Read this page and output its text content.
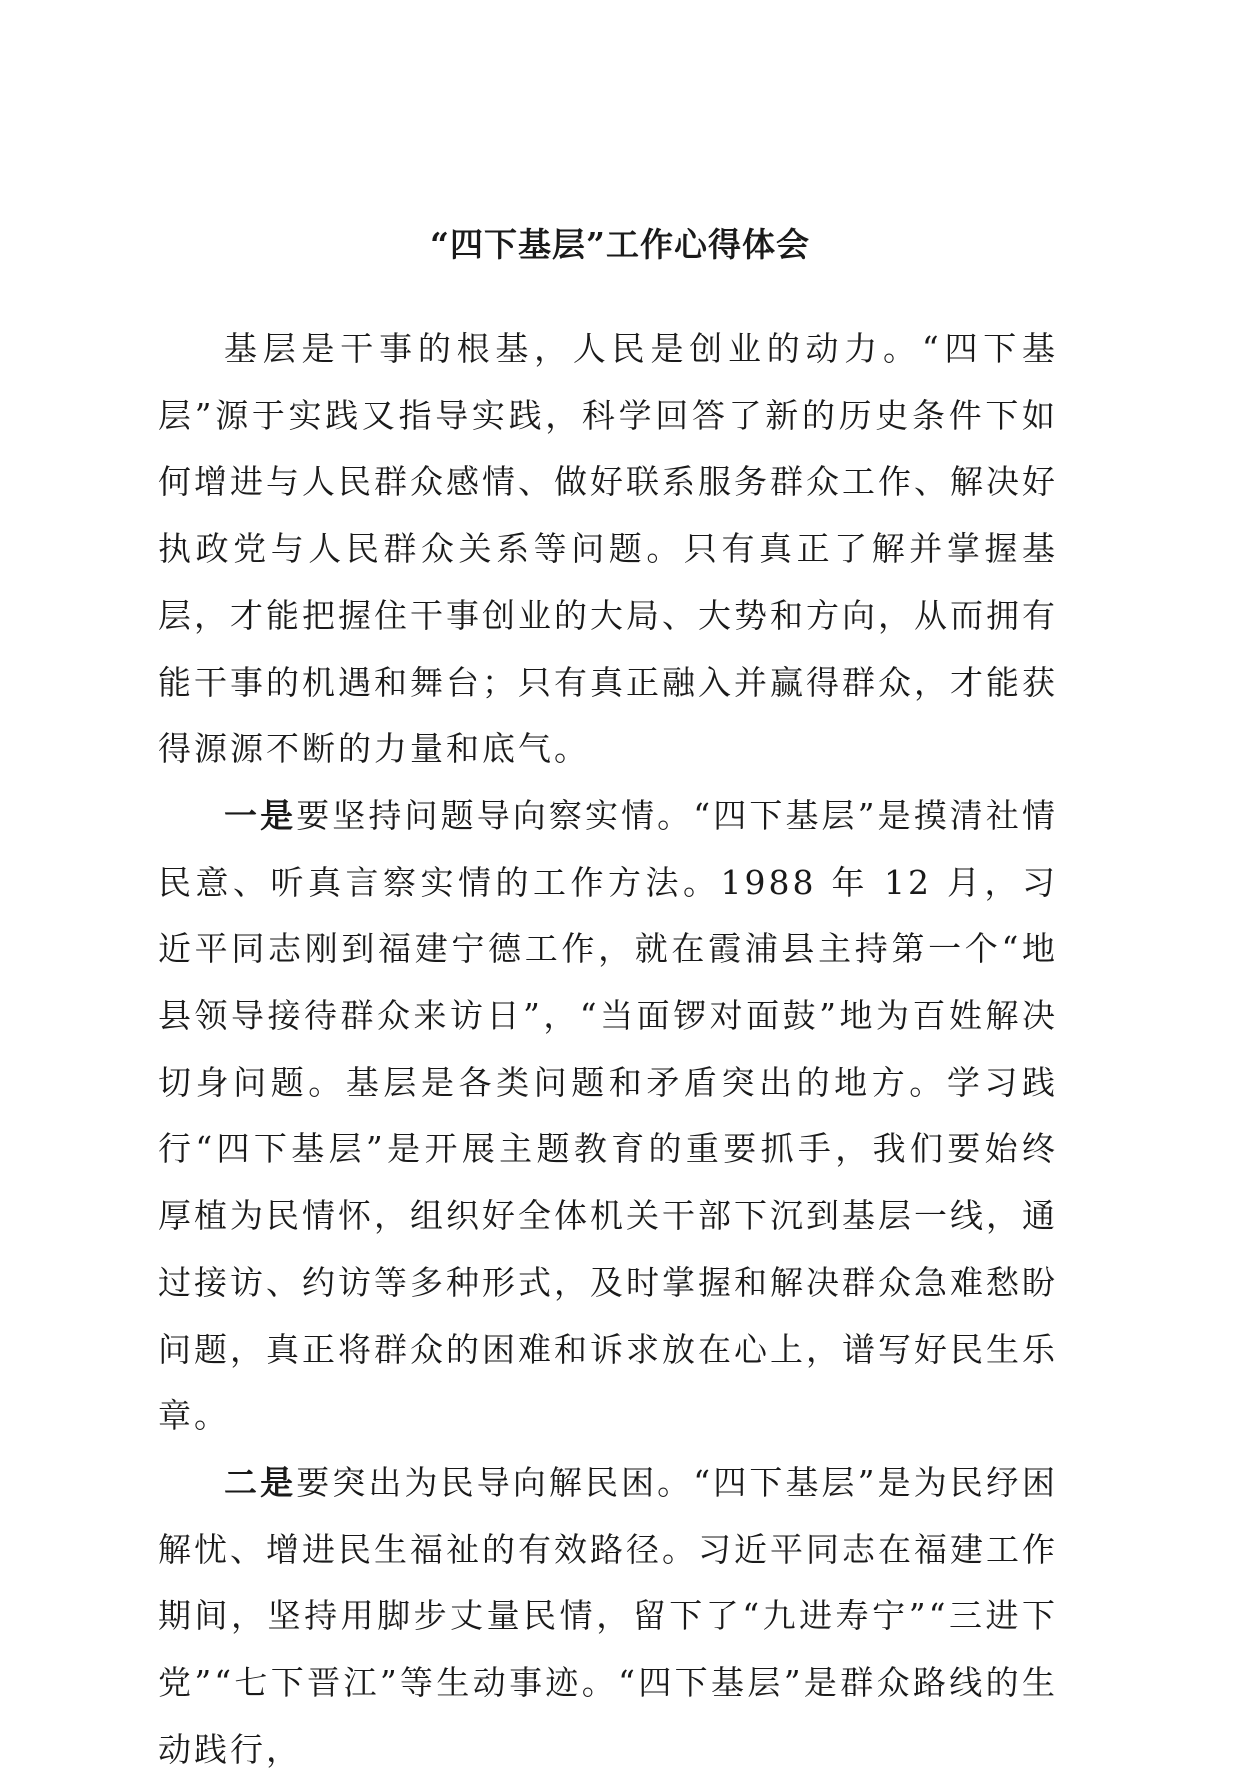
“四下基层”工作心得体会

基层是干事的根基，人民是创业的动力。“四下基层”源于实践又指导实践，科学回答了新的历史条件下如何增进与人民群众感情、做好联系服务群众工作、解决好执政党与人民群众关系等问题。只有真正了解并掌握基层，才能把握住干事创业的大局、大势和方向，从而拥有能干事的机遇和舞台；只有真正融入并赢得群众，才能获得源源不断的力量和底气。

一是要坚持问题导向察实情。“四下基层”是摸清社情民意、听真言察实情的工作方法。1988 年 12 月，习近平同志刚到福建宁德工作，就在霞浦县主持第一个“地县领导接待群众来访日”，“当面锣对面鼓”地为百姓解决切身问题。基层是各类问题和矛盾突出的地方。学习践行“四下基层”是开展主题教育的重要抓手，我们要始终厚植为民情怀，组织好全体机关干部下沉到基层一线，通过接访、约访等多种形式，及时掌握和解决群众急难愁盼问题，真正将群众的困难和诉求放在心上，谱写好民生乐章。

二是要突出为民导向解民困。“四下基层”是为民纾困解忧、增进民生福祉的有效路径。习近平同志在福建工作期间，坚持用脚步丈量民情，留下了“九进寿宁”“三进下党”“七下晋江”等生动事迹。“四下基层”是群众路线的生动践行，
